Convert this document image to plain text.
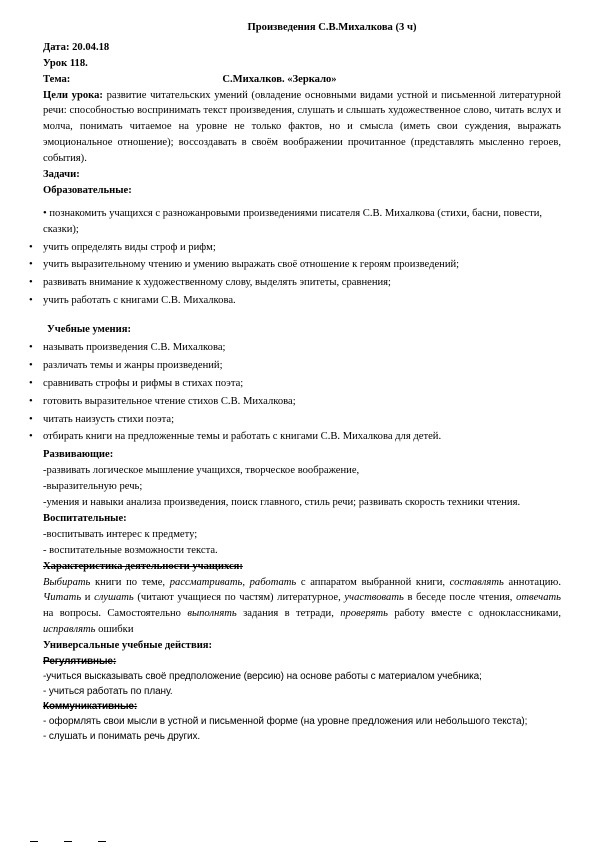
Произведения С.В.Михалкова (3 ч)
Дата: 20.04.18
Урок 118.
Тема:	С.Михалков. «Зеркало»

Цели урока: развитие читательских умений (овладение основными видами устной и письменной литературной речи: способностью воспринимать текст произведения, слушать и слышать художественное слово, читать вслух и молча, понимать читаемое на уровне не только фактов, но и смысла (иметь свои суждения, выражать эмоциональное отношение); воссоздавать в своём воображении прочитанное (представлять мысленно героев, события).

Задачи:
Образовательные:
• познакомить учащихся с разножанровыми произведениями писателя С.В. Михалкова (стихи, басни, повести, сказки);
• учить определять виды строф и рифм;
• учить выразительному чтению и умению выражать своё отношение к героям произведений;
• развивать внимание к художественному слову, выделять эпитеты, сравнения;
• учить работать с книгами С.В. Михалкова.
Учебные умения:
• называть произведения С.В. Михалкова;
• различать темы и жанры произведений;
• сравнивать строфы и рифмы в стихах поэта;
• готовить выразительное чтение стихов С.В. Михалкова;
• читать наизусть стихи поэта;
• отбирать книги на предложенные темы и работать с книгами С.В. Михалкова для детей.
Развивающие:
-развивать логическое мышление учащихся, творческое воображение,
-выразительную речь;
-умения и навыки анализа произведения, поиск главного, стиль речи; развивать скорость техники чтения.
Воспитательные:
-воспитывать интерес к предмету;
- воспитательные возможности текста.
Характеристика деятельности учащихся:

Выбирать книги по теме, рассматривать, работать с аппаратом выбранной книги, составлять аннотацию. Читать и слушать (читают учащиеся по частям) литературное, участвовать в беседе после чтения, отвечать на вопросы. Самостоятельно выполнять задания в тетради, проверять работу вместе с одноклассниками, исправлять ошибки

Универсальные учебные действия:
Регулятивные:
-учиться высказывать своё предположение (версию) на основе работы с материалом учебника;
- учиться работать по плану.
Коммуникативные:
- оформлять свои мысли в устной и письменной форме (на уровне предложения или небольшого текста);
- слушать и понимать речь других.
